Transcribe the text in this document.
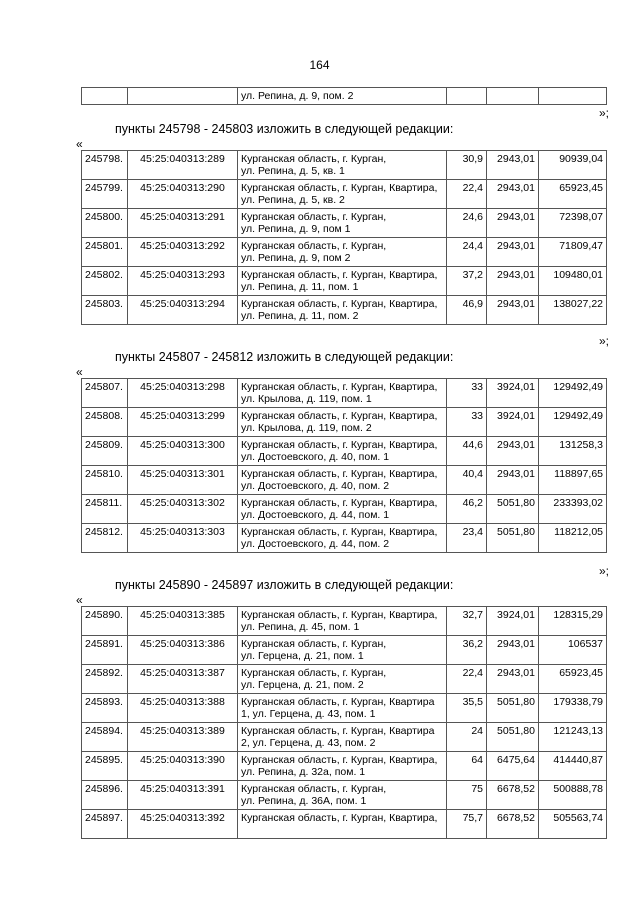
164
		ул. Репина, д. 9, пом. 2			
»;
пункты 245798 - 245803 изложить в следующей редакции:
«
245798.	45:25:040313:289	Курганская область, г. Курган,
ул. Репина, д. 5, кв. 1	30,9	2943,01	90939,04
245799.	45:25:040313:290	Курганская область, г. Курган, Квартира,
ул. Репина, д. 5, кв. 2	22,4	2943,01	65923,45
245800.	45:25:040313:291	Курганская область, г. Курган,
ул. Репина, д. 9, пом 1	24,6	2943,01	72398,07
245801.	45:25:040313:292	Курганская область, г. Курган,
ул. Репина, д. 9, пом 2	24,4	2943,01	71809,47
245802.	45:25:040313:293	Курганская область, г. Курган, Квартира,
ул. Репина, д. 11, пом. 1	37,2	2943,01	109480,01
245803.	45:25:040313:294	Курганская область, г. Курган, Квартира,
ул. Репина, д. 11, пом. 2	46,9	2943,01	138027,22
»;
пункты 245807 - 245812 изложить в следующей редакции:
«
245807.	45:25:040313:298	Курганская область, г. Курган, Квартира,
ул. Крылова, д. 119, пом. 1	33	3924,01	129492,49
245808.	45:25:040313:299	Курганская область, г. Курган, Квартира,
ул. Крылова, д. 119, пом. 2	33	3924,01	129492,49
245809.	45:25:040313:300	Курганская область, г. Курган, Квартира,
ул. Достоевского, д. 40, пом. 1	44,6	2943,01	131258,3
245810.	45:25:040313:301	Курганская область, г. Курган, Квартира,
ул. Достоевского, д. 40, пом. 2	40,4	2943,01	118897,65
245811.	45:25:040313:302	Курганская область, г. Курган, Квартира,
ул. Достоевского, д. 44, пом. 1	46,2	5051,80	233393,02
245812.	45:25:040313:303	Курганская область, г. Курган, Квартира,
ул. Достоевского, д. 44, пом. 2	23,4	5051,80	118212,05
»;
пункты 245890 - 245897 изложить в следующей редакции:
«
245890.	45:25:040313:385	Курганская область, г. Курган, Квартира,
ул. Репина, д. 45, пом. 1	32,7	3924,01	128315,29
245891.	45:25:040313:386	Курганская область, г. Курган,
ул. Герцена, д. 21, пом. 1	36,2	2943,01	106537
245892.	45:25:040313:387	Курганская область, г. Курган,
ул. Герцена, д. 21, пом. 2	22,4	2943,01	65923,45
245893.	45:25:040313:388	Курганская область, г. Курган, Квартира
1, ул. Герцена, д. 43, пом. 1	35,5	5051,80	179338,79
245894.	45:25:040313:389	Курганская область, г. Курган, Квартира
2, ул. Герцена, д. 43, пом. 2	24	5051,80	121243,13
245895.	45:25:040313:390	Курганская область, г. Курган, Квартира,
ул. Репина, д. 32а, пом. 1	64	6475,64	414440,87
245896.	45:25:040313:391	Курганская область, г. Курган,
ул. Репина, д. 36А, пом. 1	75	6678,52	500888,78
245897.	45:25:040313:392	Курганская область, г. Курган, Квартира,	75,7	6678,52	505563,74
